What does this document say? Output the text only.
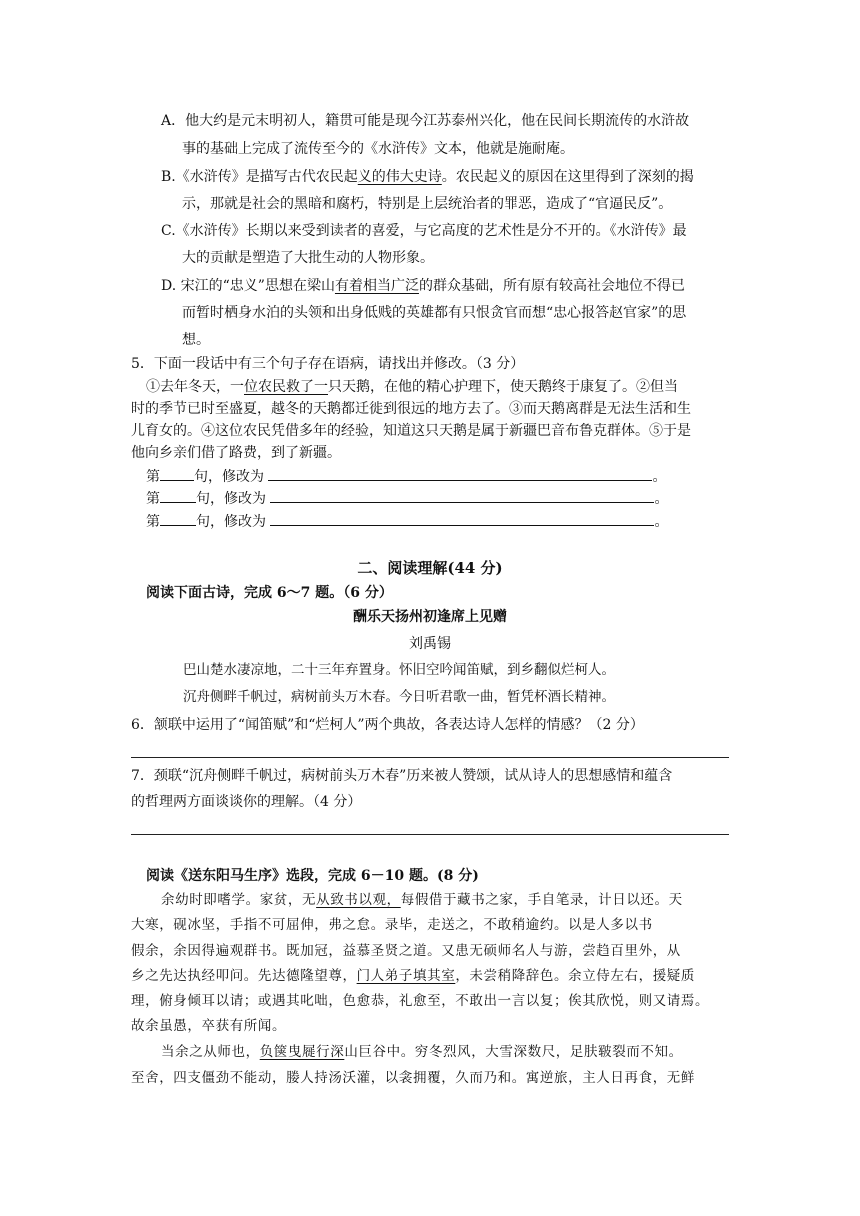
A．他大约是元末明初人，籍贯可能是现今江苏泰州兴化，他在民间长期流传的水浒故
事的基础上完成了流传至今的《水浒传》文本，他就是施耐庵。
B.《水浒传》是描写古代农民起义的伟大史诗。农民起义的原因在这里得到了深刻的揭
示，那就是社会的黑暗和腐朽，特别是上层统治者的罪恶，造成了“官逼民反”。
C.《水浒传》长期以来受到读者的喜爱，与它高度的艺术性是分不开的。《水浒传》最
大的贡献是塑造了大批生动的人物形象。
D. 宋江的“忠义”思想在梁山有着相当广泛的群众基础，所有原有较高社会地位不得已
而暂时栖身水泊的头领和出身低贱的英雄都有只恨贪官而想“忠心报答赵官家”的思
想。
5．下面一段话中有三个句子存在语病，请找出并修改。（3 分）
①去年冬天，一位农民救了一只天鹅，在他的精心护理下，使天鹅终于康复了。②但当
时的季节已时至盛夏，越冬的天鹅都迁徙到很远的地方去了。③而天鹅离群是无法生活和生
儿育女的。④这位农民凭借多年的经验，知道这只天鹅是属于新疆巴音布鲁克群体。⑤于是
他向乡亲们借了路费，到了新疆。
第 句，修改为	。
第	句，修改为	。
第	句，修改为	。
二、阅读理解(44 分)
阅读下面古诗，完成 6～7 题。（6 分）
酬乐天扬州初逢席上见赠
刘禹锡
巴山楚水凄凉地，二十三年弃置身。怀旧空吟闻笛赋，到乡翻似烂柯人。
沉舟侧畔千帆过，病树前头万木春。今日听君歌一曲，暂凭杯酒长精神。
6．颔联中运用了“闻笛赋”和“烂柯人”两个典故，各表达诗人怎样的情感？（2 分）
7．颈联“沉舟侧畔千帆过，病树前头万木春”历来被人赞颂，试从诗人的思想感情和蕴含
的哲理两方面谈谈你的理解。（4 分）
阅读《送东阳马生序》选段，完成 6－10 题。(8 分)
余幼时即嗜学。家贫，无从致书以观，每假借于藏书之家，手自笔录，计日以还。天
大寒，砚冰坚，手指不可屈伸，弗之怠。录毕，走送之，不敢稍逾约。以是人多以书
假余，余因得遍观群书。既加冠，益慕圣贤之道。又患无硕师名人与游，尝趋百里外，从
乡之先达执经叩问。先达德隆望尊，门人弟子填其室，未尝稍降辞色。余立侍左右，援疑质
理，俯身倾耳以请；或遇其叱咄，色愈恭，礼愈至，不敢出一言以复；俟其欣悦，则又请焉。
故余虽愚，卒获有所闻。
当余之从师也，负箧曳屣行深山巨谷中。穷冬烈风，大雪深数尺，足肤皲裂而不知。
至舍，四支僵劲不能动，媵人持汤沃灌，以衾拥覆，久而乃和。寓逆旅，主人日再食，无鲜
